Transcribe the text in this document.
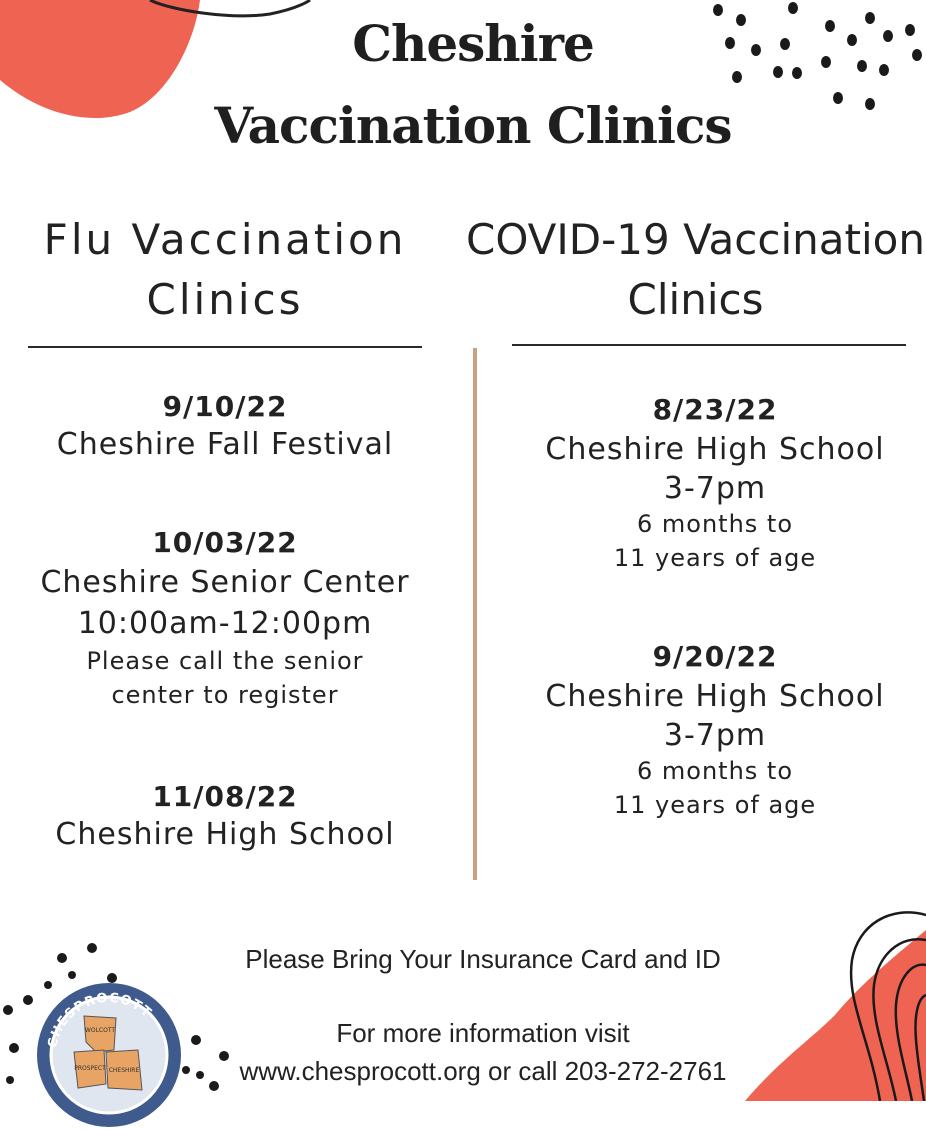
Cheshire
Vaccination Clinics
Flu Vaccination
Clinics
COVID-19 Vaccination
Clinics
9/10/22
Cheshire Fall Festival
10/03/22
Cheshire Senior Center
10:00am-12:00pm
Please call the senior
center to register
11/08/22
Cheshire High School
8/23/22
Cheshire High School
3-7pm
6 months to
11 years of age
9/20/22
Cheshire High School
3-7pm
6 months to
11 years of age
Please Bring Your Insurance Card and ID
For more information visit
www.chesprocott.org or call 203-272-2761
CHESPROCOTT
WOLCOTT
PROSPECT CHESHIRE
